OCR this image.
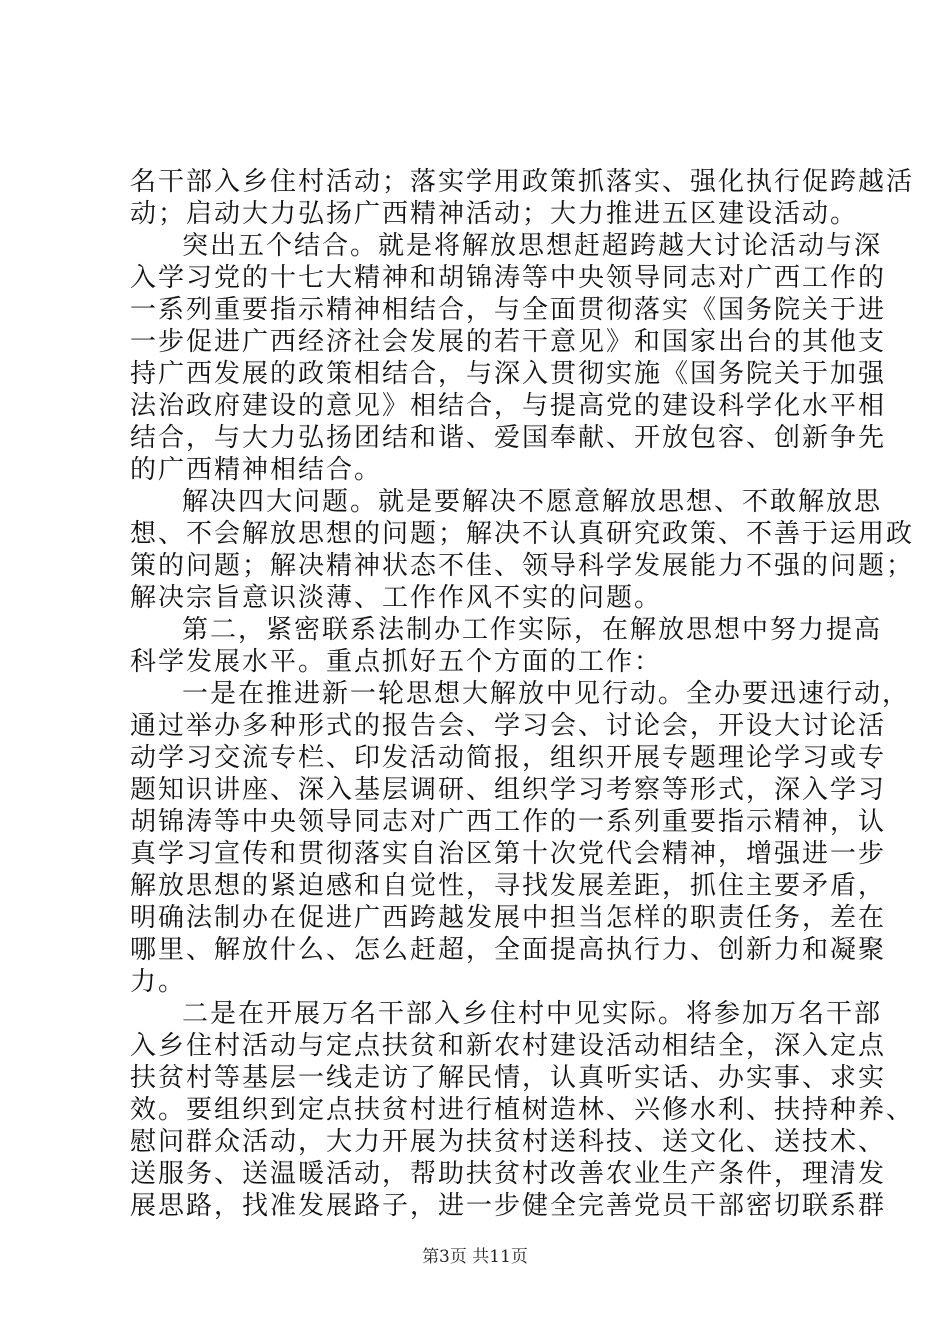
名干部入乡住村活动；落实学用政策抓落实、强化执行促跨越活
动；启动大力弘扬广西精神活动；大力推进五区建设活动。
突出五个结合。就是将解放思想赶超跨越大讨论活动与深
入学习党的十七大精神和胡锦涛等中央领导同志对广西工作的
一系列重要指示精神相结合，与全面贯彻落实《国务院关于进
一步促进广西经济社会发展的若干意见》和国家出台的其他支
持广西发展的政策相结合，与深入贯彻实施《国务院关于加强
法治政府建设的意见》相结合，与提高党的建设科学化水平相
结合，与大力弘扬团结和谐、爱国奉献、开放包容、创新争先
的广西精神相结合。
解决四大问题。就是要解决不愿意解放思想、不敢解放思
想、不会解放思想的问题；解决不认真研究政策、不善于运用政
策的问题；解决精神状态不佳、领导科学发展能力不强的问题；
解决宗旨意识淡薄、工作作风不实的问题。
第二，紧密联系法制办工作实际，在解放思想中努力提高
科学发展水平。重点抓好五个方面的工作：
一是在推进新一轮思想大解放中见行动。全办要迅速行动，
通过举办多种形式的报告会、学习会、讨论会，开设大讨论活
动学习交流专栏、印发活动简报，组织开展专题理论学习或专
题知识讲座、深入基层调研、组织学习考察等形式，深入学习
胡锦涛等中央领导同志对广西工作的一系列重要指示精神，认
真学习宣传和贯彻落实自治区第十次党代会精神，增强进一步
解放思想的紧迫感和自觉性，寻找发展差距，抓住主要矛盾，
明确法制办在促进广西跨越发展中担当怎样的职责任务，差在
哪里、解放什么、怎么赶超，全面提高执行力、创新力和凝聚
力。
二是在开展万名干部入乡住村中见实际。将参加万名干部
入乡住村活动与定点扶贫和新农村建设活动相结全，深入定点
扶贫村等基层一线走访了解民情，认真听实话、办实事、求实
效。要组织到定点扶贫村进行植树造林、兴修水利、扶持种养、
慰问群众活动，大力开展为扶贫村送科技、送文化、送技术、
送服务、送温暖活动，帮助扶贫村改善农业生产条件，理清发
展思路，找准发展路子，进一步健全完善党员干部密切联系群
第3页 共11页
